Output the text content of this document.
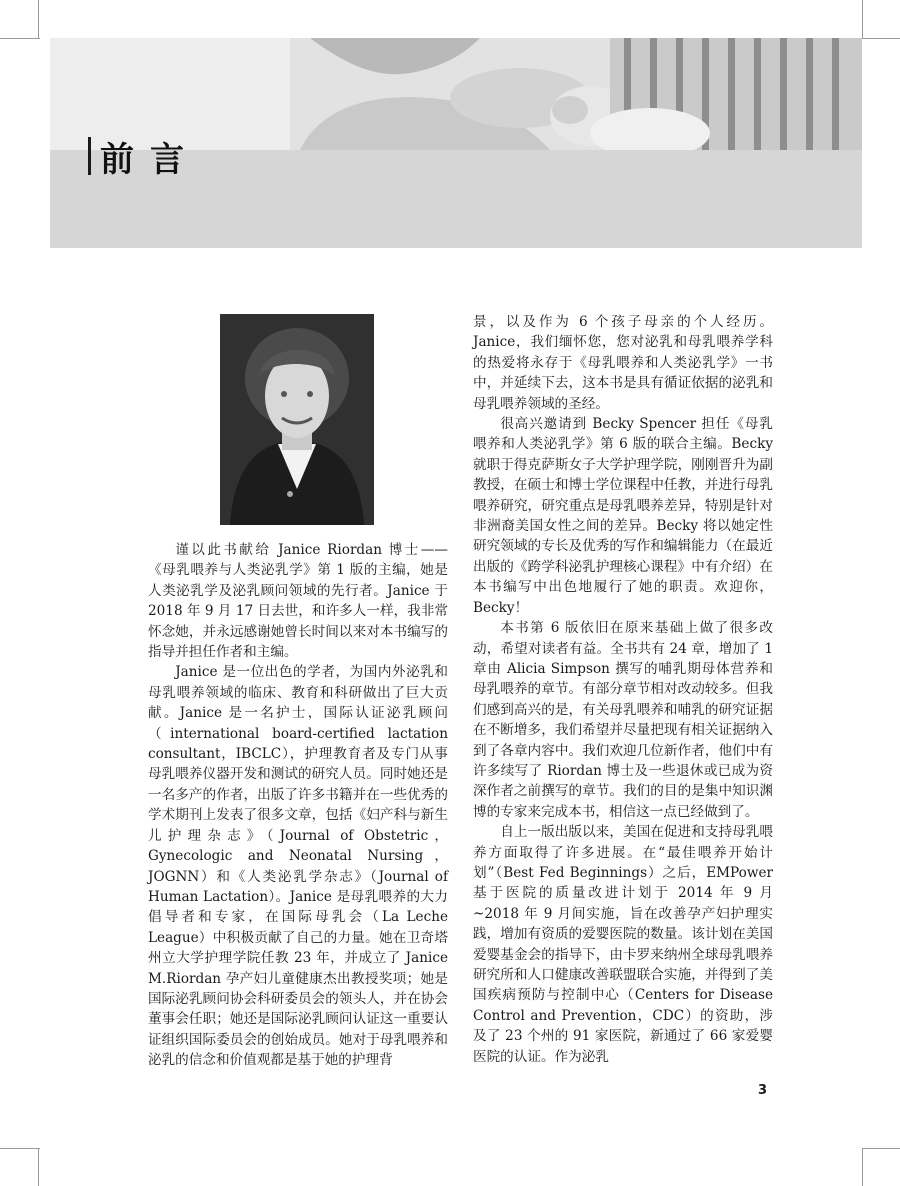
前言

谨以此书献给 Janice Riordan 博士——《母乳喂养与人类泌乳学》第 1 版的主编，她是人类泌乳学及泌乳顾问领域的先行者。Janice 于 2018 年 9 月 17 日去世，和许多人一样，我非常怀念她，并永远感谢她曾长时间以来对本书编写的指导并担任作者和主编。

Janice 是一位出色的学者，为国内外泌乳和母乳喂养领域的临床、教育和科研做出了巨大贡献。Janice 是一名护士，国际认证泌乳顾问（international board-certified lactation consultant，IBCLC），护理教育者及专门从事母乳喂养仪器开发和测试的研究人员。同时她还是一名多产的作者，出版了许多书籍并在一些优秀的学术期刊上发表了很多文章，包括《妇产科与新生儿护理杂志》（Journal of Obstetric，Gynecologic and Neonatal Nursing，JOGNN）和《人类泌乳学杂志》（Journal of Human Lactation）。Janice 是母乳喂养的大力倡导者和专家，在国际母乳会（La Leche League）中积极贡献了自己的力量。她在卫奇塔州立大学护理学院任教 23 年，并成立了 Janice M.Riordan 孕产妇儿童健康杰出教授奖项；她是国际泌乳顾问协会科研委员会的领头人，并在协会董事会任职；她还是国际泌乳顾问认证这一重要认证组织国际委员会的创始成员。她对于母乳喂养和泌乳的信念和价值观都是基于她的护理背

景，以及作为 6 个孩子母亲的个人经历。Janice，我们缅怀您，您对泌乳和母乳喂养学科的热爱将永存于《母乳喂养和人类泌乳学》一书中，并延续下去，这本书是具有循证依据的泌乳和母乳喂养领域的圣经。

很高兴邀请到 Becky Spencer 担任《母乳喂养和人类泌乳学》第 6 版的联合主编。Becky 就职于得克萨斯女子大学护理学院，刚刚晋升为副教授，在硕士和博士学位课程中任教，并进行母乳喂养研究，研究重点是母乳喂养差异，特别是针对非洲裔美国女性之间的差异。Becky 将以她定性研究领域的专长及优秀的写作和编辑能力（在最近出版的《跨学科泌乳护理核心课程》中有介绍）在本书编写中出色地履行了她的职责。欢迎你，Becky！

本书第 6 版依旧在原来基础上做了很多改动，希望对读者有益。全书共有 24 章，增加了 1 章由 Alicia Simpson 撰写的哺乳期母体营养和母乳喂养的章节。有部分章节相对改动较多。但我们感到高兴的是，有关母乳喂养和哺乳的研究证据在不断增多，我们希望并尽量把现有相关证据纳入到了各章内容中。我们欢迎几位新作者，他们中有许多续写了 Riordan 博士及一些退休或已成为资深作者之前撰写的章节。我们的目的是集中知识渊博的专家来完成本书，相信这一点已经做到了。

自上一版出版以来，美国在促进和支持母乳喂养方面取得了许多进展。在“最佳喂养开始计划”（Best Fed Beginnings）之后，EMPower 基于医院的质量改进计划于 2014 年 9 月 ~2018 年 9 月间实施，旨在改善孕产妇护理实践，增加有资质的爱婴医院的数量。该计划在美国爱婴基金会的指导下，由卡罗来纳州全球母乳喂养研究所和人口健康改善联盟联合实施，并得到了美国疾病预防与控制中心（Centers for Disease Control and Prevention，CDC）的资助，涉及了 23 个州的 91 家医院，新通过了 66 家爱婴医院的认证。作为泌乳

3
